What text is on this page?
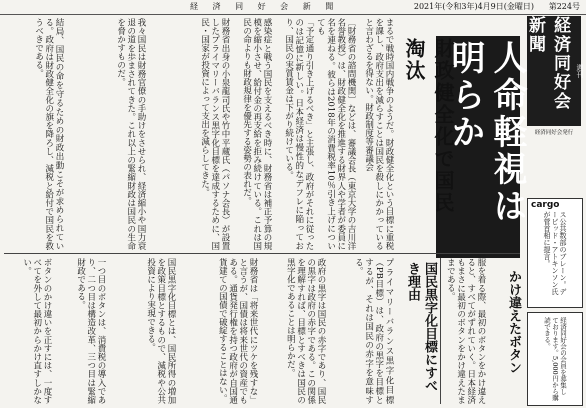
経 済 同 好 会 新 聞	2021年(令和3年)4月9日(金曜日) 第224号
週刊
経済同好会新聞
経済同好会発行
cargo
ス公共数部のブレーン。デービッド・アトキンソン氏が菅首相に提言。
経済同好会の会員を募集しております。5,000円から購読できる。
人命軽視は明らか
財政健全化で国民淘汰
まるで戦時国内戦争のようだ。財政健全化という目標に重税を課し、政府支出を減らすことは国民を殺しにかかっていると言わざるを得ない。財政制度等審議会
〔財務省の諮問機関〕などは、審議会長（東京大学の吉川洋名誉教授）は、財政健全化を推進する財界人や学者が委員に名を連ねる。彼らは2018年の消費税率10％引き上げについても
「予定通り引き上げるべき」と主張し、政府がそれに従ったのは記憶に新しい。日本経済は慢性的なデフレに陥っており、国民の実質賃金は下がり続けている。
感染症と戦う国民を支えるべき時に、財務省は補正予算の規模を縮小させ、給付金の再支給を拒み続けている。これは国民の命よりも財政規律を優先する姿勢の表れだ。
財務省出身の小泉龍司氏や竹中平蔵氏（パソナ会長）が設置したプライマリーバランス黒字化目標を達成するために、国民・国家が投資によって支出を減らしてきた。
我々国民は財務官僚の手助けをさせられ、経済縮小や国力衰退の道を歩まされてきた。これ以上の緊縮財政は国民の生命を脅かすものだ。
結局、国民の命を守るための財政出動こそが求められている。政府は財政健全化の旗を降ろし、減税と給付で国民を救うべきである。
国民黒字化目標にすべき理由
プライマリーバランス黒字化目標（PB目標）は、政府の黒字を目標とするが、それは国民の赤字を意味する。
政府の黒字は国民の赤字であり、国民の黒字は政府の赤字である。この関係を理解すれば、目標とすべきは国民の黒字化であることは明らかだ。
財務省は「将来世代にツケを残すな」と言うが、国債は将来世代の資産でもある。通貨発行権を持つ政府が自国通貨建ての国債で破綻することはない。
国民黒字化目標とは、国民所得の増加を政策目標とするもので、減税や公共投資により実現できる。	かけ違えたボタン
服を着る際、最初のボタンをかけ違えると、すべてがずれていく。日本経済もまさに最初のボタンをかけ違えたままである。
一つ目のボタンは、消費税の導入であり、二つ目は構造改革、三つ目は緊縮財政である。
ボタンのかけ違いを正すには、一度すべてを外して最初からかけ直すしかない。
